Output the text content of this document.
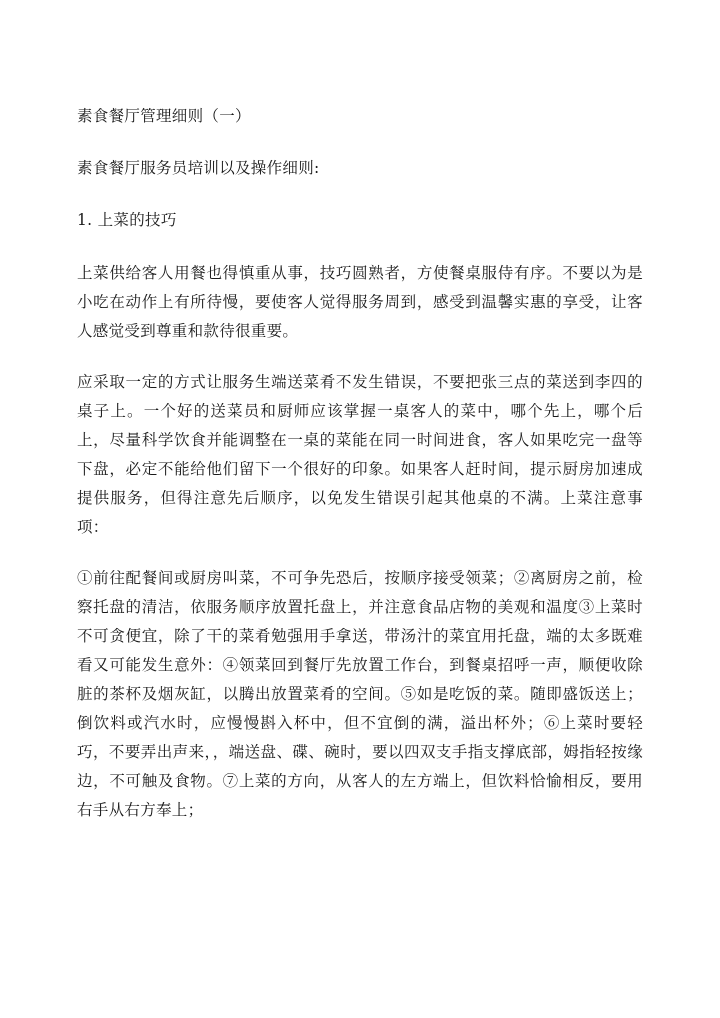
素食餐厅管理细则（一）

素食餐厅服务员培训以及操作细则:

1. 上菜的技巧

上菜供给客人用餐也得慎重从事，技巧圆熟者，方使餐桌服侍有序。不要以为是小吃在动作上有所待慢，要使客人觉得服务周到，感受到温馨实惠的享受，让客人感觉受到尊重和款待很重要。

应采取一定的方式让服务生端送菜肴不发生错误，不要把张三点的菜送到李四的桌子上。一个好的送菜员和厨师应该掌握一桌客人的菜中，哪个先上，哪个后上，尽量科学饮食并能调整在一桌的菜能在同一时间进食，客人如果吃完一盘等下盘，必定不能给他们留下一个很好的印象。如果客人赶时间，提示厨房加速成提供服务，但得注意先后顺序，以免发生错误引起其他桌的不满。上菜注意事项：

①前往配餐间或厨房叫菜，不可争先恐后，按顺序接受领菜；②离厨房之前，检察托盘的清洁，依服务顺序放置托盘上，并注意食品店物的美观和温度③上菜时不可贪便宜，除了干的菜肴勉强用手拿送，带汤汁的菜宜用托盘，端的太多既难看又可能发生意外：④领菜回到餐厅先放置工作台，到餐桌招呼一声，顺便收除脏的茶杯及烟灰缸，以腾出放置菜肴的空间。⑤如是吃饭的菜。随即盛饭送上；倒饮料或汽水时，应慢慢斟入杯中，但不宜倒的满，溢出杯外；⑥上菜时要轻巧，不要弄出声来，，端送盘、碟、碗时，要以四双支手指支撑底部，姆指轻按缘边，不可触及食物。⑦上菜的方向，从客人的左方端上，但饮料恰愉相反，要用右手从右方奉上；
